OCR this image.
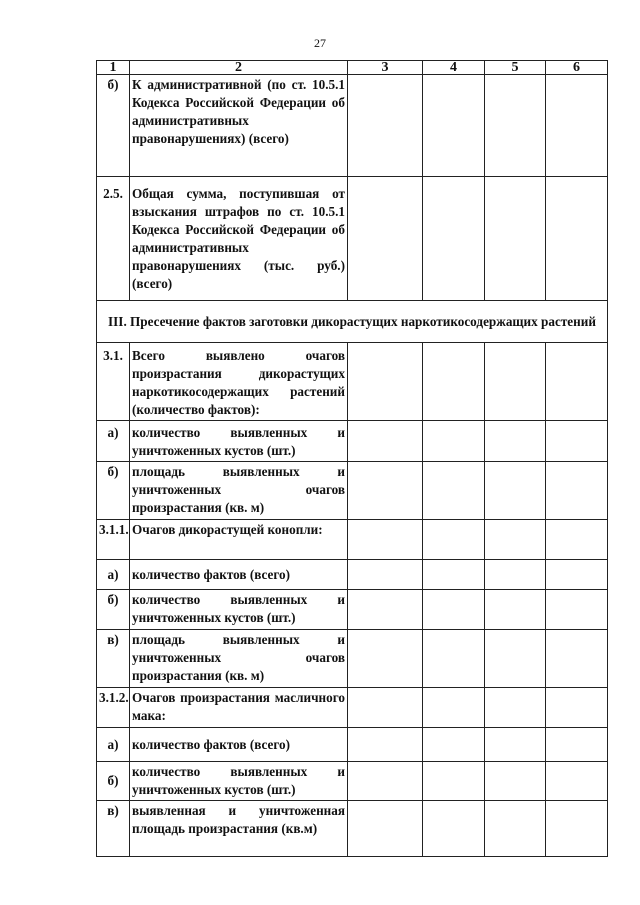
27
1	2	3	4	5	6
б)	К административной (по ст. 10.5.1 Кодекса Российской Федерации об административных правонарушениях) (всего)				
2.5.	Общая сумма, поступившая от взыскания штрафов по ст. 10.5.1 Кодекса Российской Федерации об административных правонарушениях (тыс. руб.) (всего)				
III. Пресечение фактов заготовки дикорастущих наркотикосодержащих растений					
3.1.	Всего выявлено очагов произрастания дикорастущих наркотикосодержащих растений (количество фактов):				
а)	количество выявленных и уничтоженных кустов (шт.)				
б)	площадь выявленных и уничтоженных очагов произрастания (кв. м)				
3.1.1.	Очагов дикорастущей конопли:				
а)	количество фактов (всего)				
б)	количество выявленных и уничтоженных кустов (шт.)				
в)	площадь выявленных и уничтоженных очагов произрастания (кв. м)				
3.1.2.	Очагов произрастания масличного мака:				
а)	количество фактов (всего)				
б)	количество выявленных и уничтоженных кустов (шт.)				
в)	выявленная и уничтоженная площадь произрастания (кв.м)				
